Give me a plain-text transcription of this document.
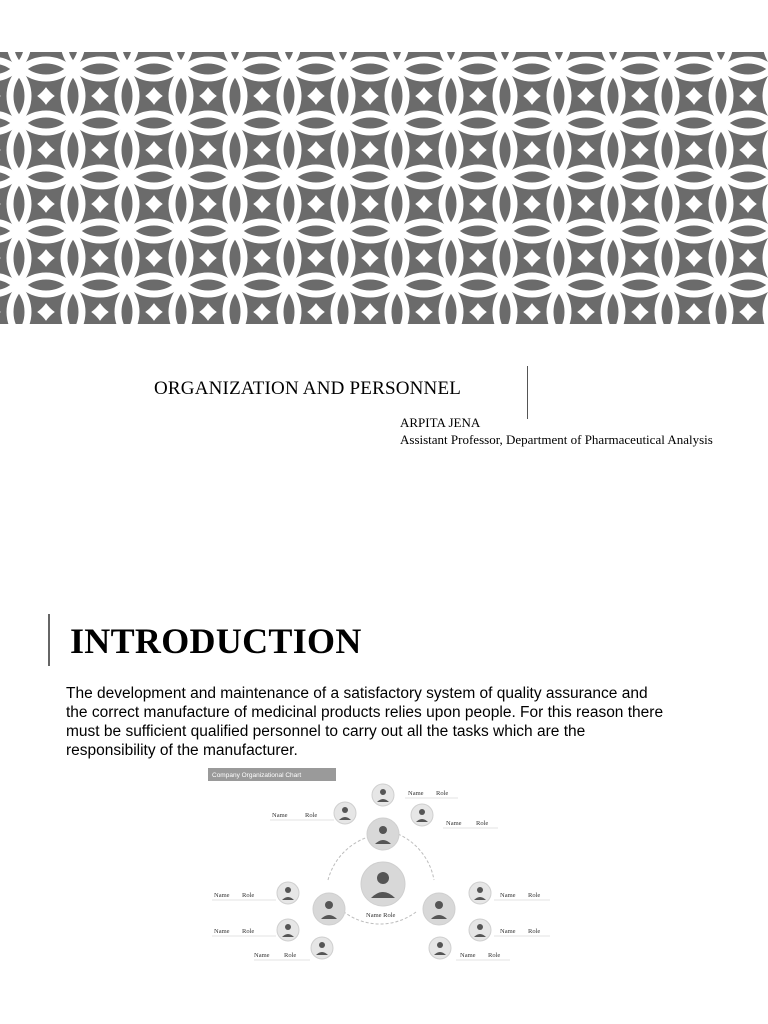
ORGANIZATION AND PERSONNEL
ARPITA JENA
Assistant Professor, Department of Pharmaceutical Analysis
INTRODUCTION
The development and maintenance of a satisfactory system of quality assurance and the correct manufacture of medicinal products relies upon people. For this reason there must be sufficient qualified personnel to carry out all the tasks which are the responsibility of the manufacturer.
Company Organizational Chart
Name Role
Name	Role
Name Role
Name Role
Name Role
Name Role
Name Role
Name Role
Name Role
Name Role
